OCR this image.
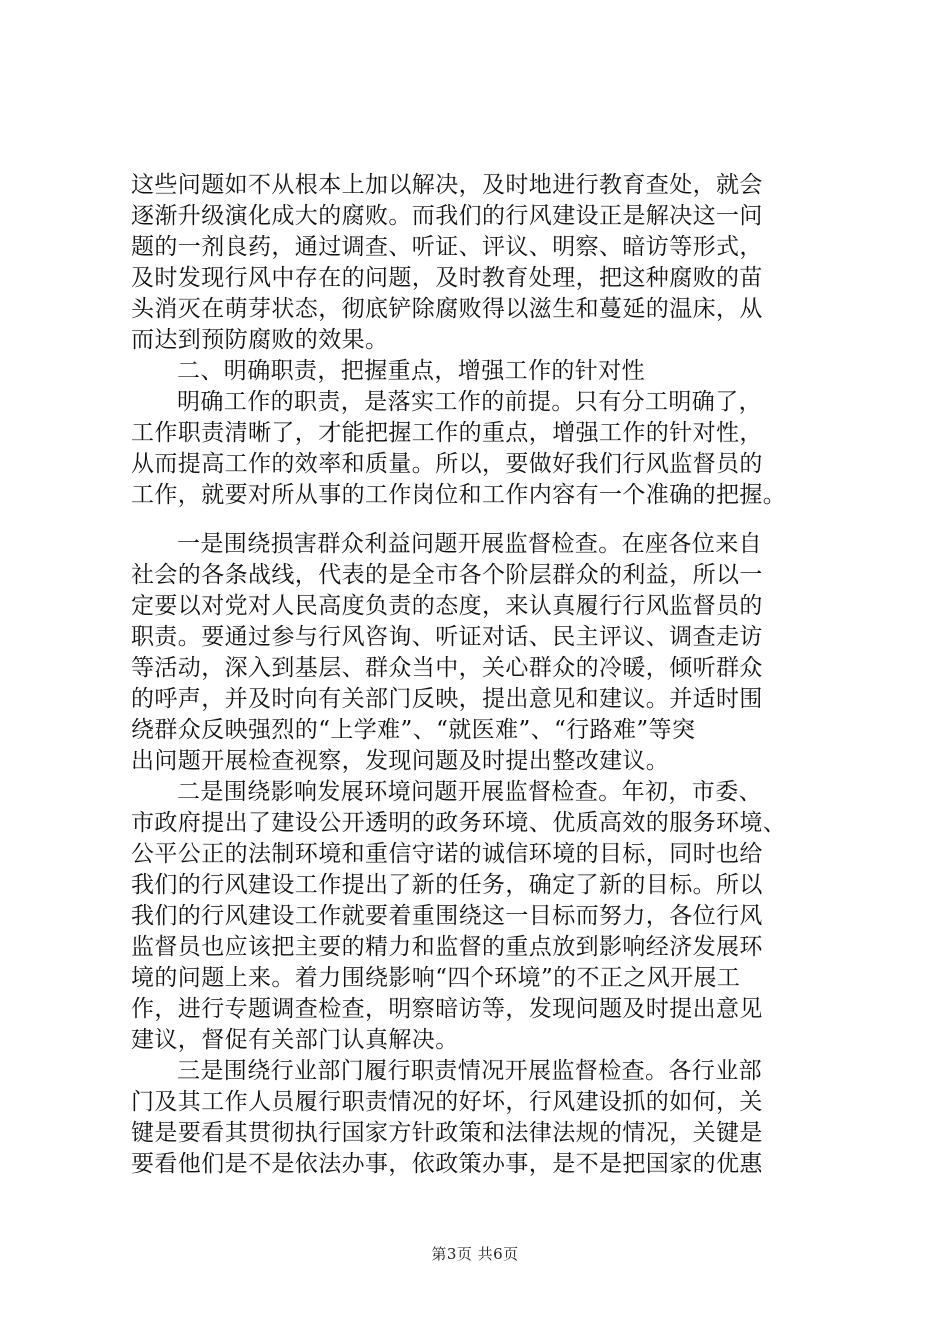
这些问题如不从根本上加以解决，及时地进行教育查处，就会
逐渐升级演化成大的腐败。而我们的行风建设正是解决这一问
题的一剂良药，通过调查、听证、评议、明察、暗访等形式，
及时发现行风中存在的问题，及时教育处理，把这种腐败的苗
头消灭在萌芽状态，彻底铲除腐败得以滋生和蔓延的温床，从
而达到预防腐败的效果。
二、明确职责，把握重点，增强工作的针对性
明确工作的职责，是落实工作的前提。只有分工明确了，
工作职责清晰了，才能把握工作的重点，增强工作的针对性，
从而提高工作的效率和质量。所以，要做好我们行风监督员的
工作，就要对所从事的工作岗位和工作内容有一个准确的把握。
一是围绕损害群众利益问题开展监督检查。在座各位来自
社会的各条战线，代表的是全市各个阶层群众的利益，所以一
定要以对党对人民高度负责的态度，来认真履行行风监督员的
职责。要通过参与行风咨询、听证对话、民主评议、调查走访
等活动，深入到基层、群众当中，关心群众的冷暖，倾听群众
的呼声，并及时向有关部门反映，提出意见和建议。并适时围
绕群众反映强烈的“上学难”、“就医难”、“行路难”等突
出问题开展检查视察，发现问题及时提出整改建议。
二是围绕影响发展环境问题开展监督检查。年初，市委、
市政府提出了建设公开透明的政务环境、优质高效的服务环境、
公平公正的法制环境和重信守诺的诚信环境的目标，同时也给
我们的行风建设工作提出了新的任务，确定了新的目标。所以
我们的行风建设工作就要着重围绕这一目标而努力，各位行风
监督员也应该把主要的精力和监督的重点放到影响经济发展环
境的问题上来。着力围绕影响“四个环境”的不正之风开展工
作，进行专题调查检查，明察暗访等，发现问题及时提出意见
建议，督促有关部门认真解决。
三是围绕行业部门履行职责情况开展监督检查。各行业部
门及其工作人员履行职责情况的好坏，行风建设抓的如何，关
键是要看其贯彻执行国家方针政策和法律法规的情况，关键是
要看他们是不是依法办事，依政策办事，是不是把国家的优惠
第3页 共6页
